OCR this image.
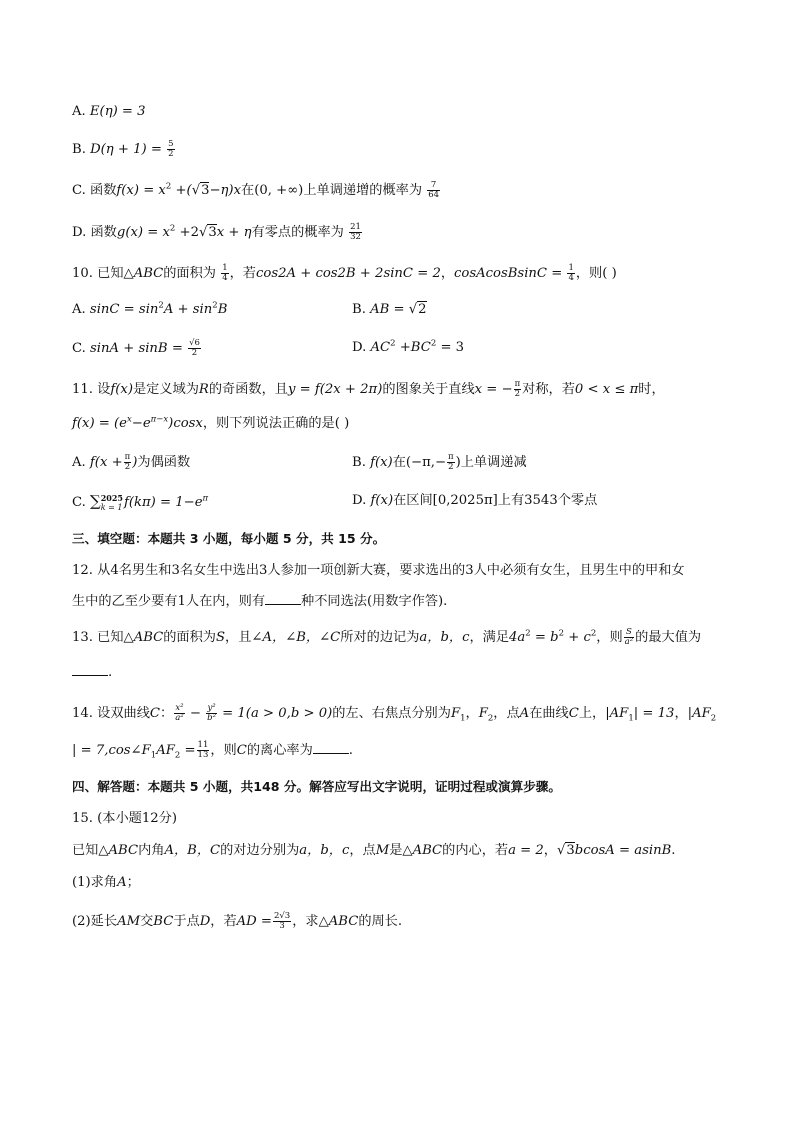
A. E(η) = 3
B. $D(\eta + 1) = \frac{5}{2}$
C. 函数$f(x) = x^2 +(√3-\eta)x$在(0, +∞)上单调递增的概率为 $\frac{7}{64}$
D. 函数$g(x) = x^2 +2√3x + \eta$有零点的概率为 $\frac{21}{32}$
10. 已知△ABC的面积为 $\frac{1}{4}$ ，若cos2A + cos2B + 2sinC = 2，cosAcosBsinC = $\frac{1}{4}$ ，则( )
A. $\sin C = \sin^2A + \sin^2B$	B. AB = √2
C. $\sin A + \sin B = \frac{√6}{2}$	D. $AC^2 +BC^2 = 3$
11. 设f(x)是定义域为R的奇函数，且y = f(2x + 2π)的图象关于直线x = − $\frac{\pi}{2}$ 对称，若0 < x ≤ π时，
$f(x) = (e^x-e^{\pi-x})\cos x$，则下列说法正确的是( )
A. $f(x + \frac{\pi}{2}$ )为偶函数	B. f(x)在($-\pi,- \frac{\pi}{2}$ )上单调递减
C. ∑ 2025
k = 1 $f(k\pi) = 1-e^\pi$	D. f(x)在区间[0,2025π]上有3543个零点
三、填空题：本题共 3 小题，每小题 5 分，共 15 分。
12. 从4名男生和3名女生中选出3人参加一项创新大赛，要求选出的3人中必须有女生，且男生中的甲和女
生中的乙至少要有1人在内，则有	种不同选法(用数字作答).
13. 已知△ABC的面积为S，且∠A，∠B，∠C所对的边记为a，b，c，满足$4a^2 = b^2 + c^2$，则 $\frac{S}{\text{a²}}$ 的最大值为
.
14. 设双曲线C： $\frac{\text{x²}}{\text{a²}} - \frac{\text{y²}}{\text{b²}} = 1(a > 0,b > 0)$的左、右焦点分别为$F_1$，$F_2$，点A在曲线C上，$|AF_1| = 13$，$|AF_2$
| = $7,\cos\angle F_1AF_2 = \frac{11}{13}$ ，则C的离心率为	.
四、解答题：本题共 5 小题，共148 分。解答应写出文字说明，证明过程或演算步骤。
15. (本小题12分)
已知△ABC内角A，B，C的对边分别为a，b，c，点M是△ABC的内心，若a = 2，√3bcosA = asinB.
(1)求角A；
(2)延长AM交BC于点D，若AD = $\frac{2√3}{3}$ ，求△ABC的周长.
